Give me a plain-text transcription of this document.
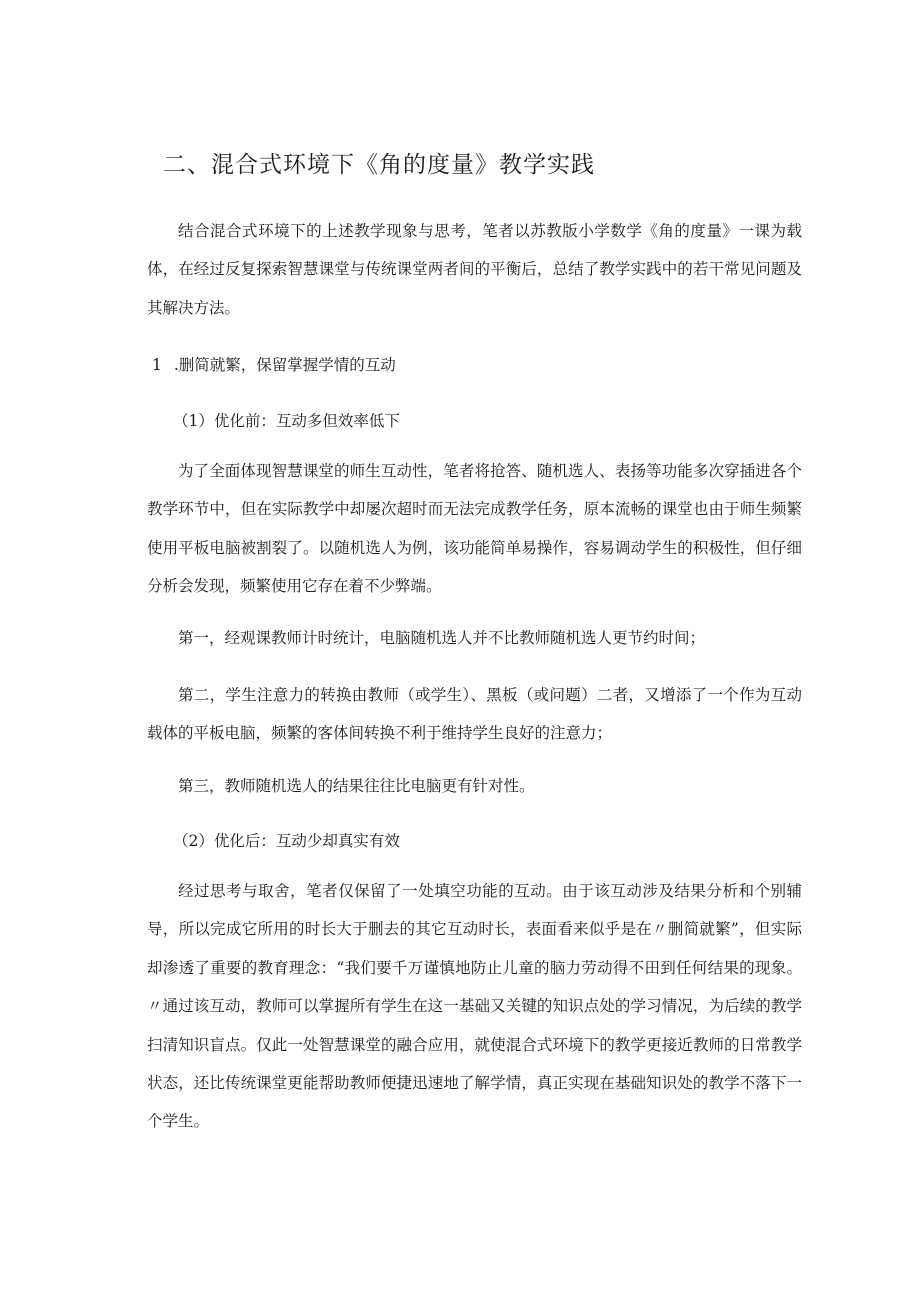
二、混合式环境下《角的度量》教学实践

结合混合式环境下的上述教学现象与思考，笔者以苏教版小学数学《角的度量》一课为载体，在经过反复探索智慧课堂与传统课堂两者间的平衡后，总结了教学实践中的若干常见问题及其解决方法。

1 .删简就繁，保留掌握学情的互动
（1）优化前：互动多但效率低下

为了全面体现智慧课堂的师生互动性，笔者将抢答、随机选人、表扬等功能多次穿插进各个教学环节中，但在实际教学中却屡次超时而无法完成教学任务，原本流畅的课堂也由于师生频繁使用平板电脑被割裂了。以随机选人为例，该功能简单易操作，容易调动学生的积极性，但仔细分析会发现，频繁使用它存在着不少弊端。

第一，经观课教师计时统计，电脑随机选人并不比教师随机选人更节约时间；

第二，学生注意力的转换由教师（或学生）、黑板（或问题）二者，又增添了一个作为互动载体的平板电脑，频繁的客体间转换不利于维持学生良好的注意力；

第三，教师随机选人的结果往往比电脑更有针对性。

（2）优化后：互动少却真实有效

经过思考与取舍，笔者仅保留了一处填空功能的互动。由于该互动涉及结果分析和个别辅导，所以完成它所用的时长大于删去的其它互动时长，表面看来似乎是在〃删简就繁”，但实际却渗透了重要的教育理念：“我们要千万谨慎地防止儿童的脑力劳动得不田到任何结果的现象。〃通过该互动，教师可以掌握所有学生在这一基础又关键的知识点处的学习情况，为后续的教学扫清知识盲点。仅此一处智慧课堂的融合应用，就使混合式环境下的教学更接近教师的日常教学状态，还比传统课堂更能帮助教师便捷迅速地了解学情，真正实现在基础知识处的教学不落下一个学生。
